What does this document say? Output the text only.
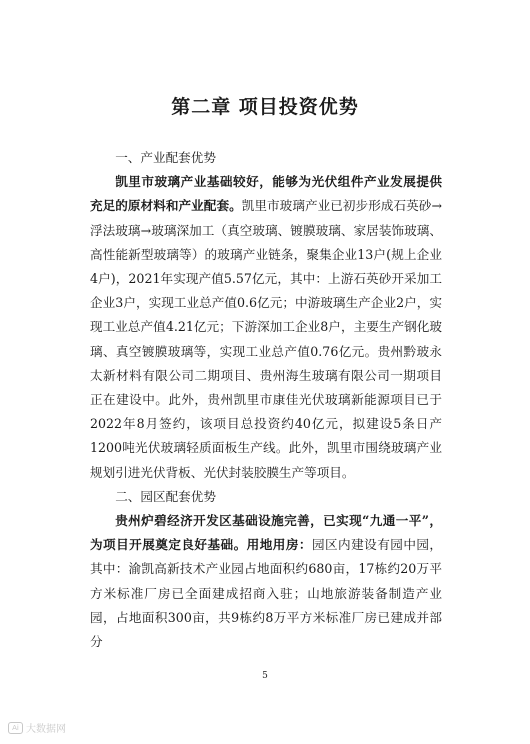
第二章 项目投资优势

一、产业配套优势

凯里市玻璃产业基础较好，能够为光伏组件产业发展提供充足的原材料和产业配套。凯里市玻璃产业已初步形成石英砂→浮法玻璃→玻璃深加工（真空玻璃、镀膜玻璃、家居装饰玻璃、高性能新型玻璃等）的玻璃产业链条，聚集企业13户(规上企业4户)，2021年实现产值5.57亿元，其中：上游石英砂开采加工企业3户，实现工业总产值0.6亿元；中游玻璃生产企业2户，实现工业总产值4.21亿元；下游深加工企业8户，主要生产钢化玻璃、真空镀膜玻璃等，实现工业总产值0.76亿元。贵州黔玻永太新材料有限公司二期项目、贵州海生玻璃有限公司一期项目正在建设中。此外，贵州凯里市康佳光伏玻璃新能源项目已于2022年8月签约，该项目总投资约40亿元，拟建设5条日产1200吨光伏玻璃轻质面板生产线。此外，凯里市围绕玻璃产业规划引进光伏背板、光伏封装胶膜生产等项目。

二、园区配套优势

贵州炉碧经济开发区基础设施完善，已实现“九通一平”，为项目开展奠定良好基础。用地用房：园区内建设有园中园，其中：渝凯高新技术产业园占地面积约680亩，17栋约20万平方米标准厂房已全面建成招商入驻；山地旅游装备制造产业园，占地面积300亩，共9栋约8万平方米标准厂房已建成并部分

5
Ai 大数据网
